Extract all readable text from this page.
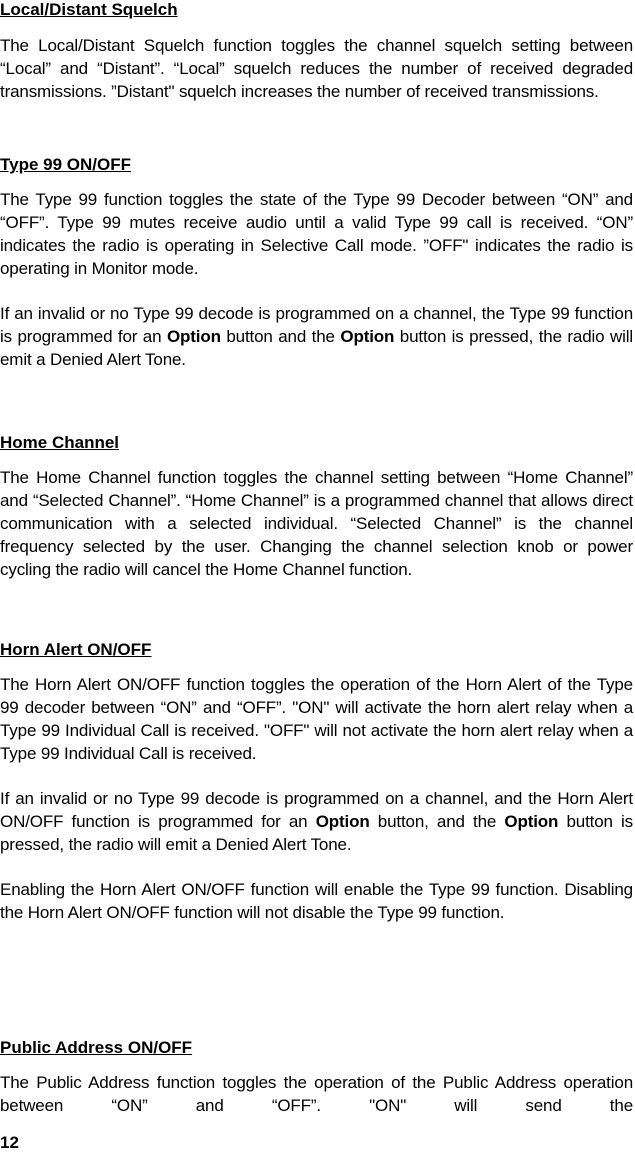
Local/Distant Squelch

The Local/Distant Squelch function toggles the channel squelch setting between “Local” and “Distant”. “Local” squelch reduces the number of received degraded transmissions. ”Distant" squelch increases the number of received transmissions.

Type 99 ON/OFF

The Type 99 function toggles the state of the Type 99 Decoder between “ON” and “OFF”. Type 99 mutes receive audio until a valid Type 99 call is received. “ON” indicates the radio is operating in Selective Call mode. ”OFF" indicates the radio is operating in Monitor mode.

If an invalid or no Type 99 decode is programmed on a channel, the Type 99 function is programmed for an Option button and the Option button is pressed, the radio will emit a Denied Alert Tone.

Home Channel

The Home Channel function toggles the channel setting between “Home Channel” and “Selected Channel”. “Home Channel” is a programmed channel that allows direct communication with a selected individual. “Selected Channel” is the channel frequency selected by the user. Changing the channel selection knob or power cycling the radio will cancel the Home Channel function.

Horn Alert ON/OFF

The Horn Alert ON/OFF function toggles the operation of the Horn Alert of the Type 99 decoder between “ON” and “OFF”. "ON" will activate the horn alert relay when a Type 99 Individual Call is received. "OFF" will not activate the horn alert relay when a Type 99 Individual Call is received.

If an invalid or no Type 99 decode is programmed on a channel, and the Horn Alert ON/OFF function is programmed for an Option button, and the Option button is pressed, the radio will emit a Denied Alert Tone.

Enabling the Horn Alert ON/OFF function will enable the Type 99 function. Disabling the Horn Alert ON/OFF function will not disable the Type 99 function.

Public Address ON/OFF

The Public Address function toggles the operation of the Public Address operation between “ON” and “OFF”. "ON" will send the

12
